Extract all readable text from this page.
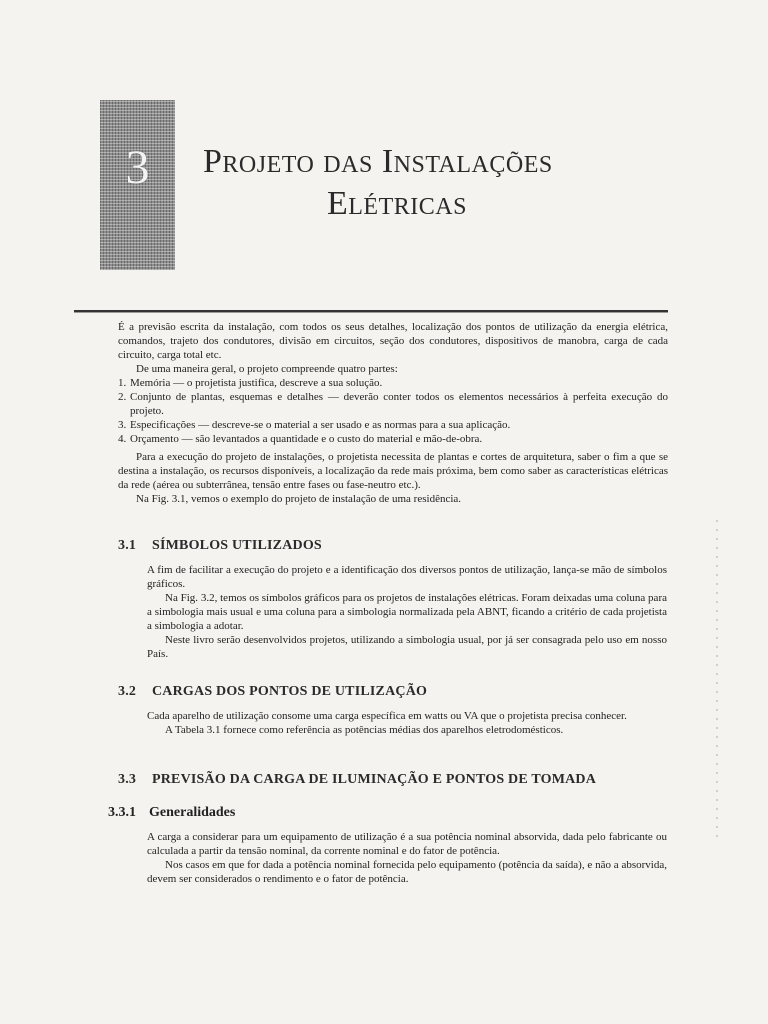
3	Projeto das Instalações
Elétricas

É a previsão escrita da instalação, com todos os seus detalhes, localização dos pontos de utilização da energia elétrica, comandos, trajeto dos condutores, divisão em circuitos, seção dos condutores, dispositivos de manobra, carga de cada circuito, carga total etc.

De uma maneira geral, o projeto compreende quatro partes:

1. Memória — o projetista justifica, descreve a sua solução.
2. Conjunto de plantas, esquemas e detalhes — deverão conter todos os elementos necessários à perfeita execução do projeto.
3. Especificações — descreve-se o material a ser usado e as normas para a sua aplicação.
4. Orçamento — são levantados a quantidade e o custo do material e mão-de-obra.

Para a execução do projeto de instalações, o projetista necessita de plantas e cortes de arquitetura, saber o fim a que se destina a instalação, os recursos disponíveis, a localização da rede mais próxima, bem como saber as características elétricas da rede (aérea ou subterrânea, tensão entre fases ou fase-neutro etc.).

Na Fig. 3.1, vemos o exemplo do projeto de instalação de uma residência.

3.1 SÍMBOLOS UTILIZADOS

A fim de facilitar a execução do projeto e a identificação dos diversos pontos de utilização, lança-se mão de símbolos gráficos.

Na Fig. 3.2, temos os símbolos gráficos para os projetos de instalações elétricas. Foram deixadas uma coluna para a simbologia mais usual e uma coluna para a simbologia normalizada pela ABNT, ficando a critério de cada projetista a simbologia a adotar.

Neste livro serão desenvolvidos projetos, utilizando a simbologia usual, por já ser consagrada pelo uso em nosso País.

3.2 CARGAS DOS PONTOS DE UTILIZAÇÃO

Cada aparelho de utilização consome uma carga específica em watts ou VA que o projetista precisa conhecer.

A Tabela 3.1 fornece como referência as potências médias dos aparelhos eletrodomésticos.

3.3 PREVISÃO DA CARGA DE ILUMINAÇÃO E PONTOS DE TOMADA
3.3.1 Generalidades

A carga a considerar para um equipamento de utilização é a sua potência nominal absorvida, dada pelo fabricante ou calculada a partir da tensão nominal, da corrente nominal e do fator de potência.

Nos casos em que for dada a potência nominal fornecida pelo equipamento (potência da saída), e não a absorvida, devem ser considerados o rendimento e o fator de potência.
